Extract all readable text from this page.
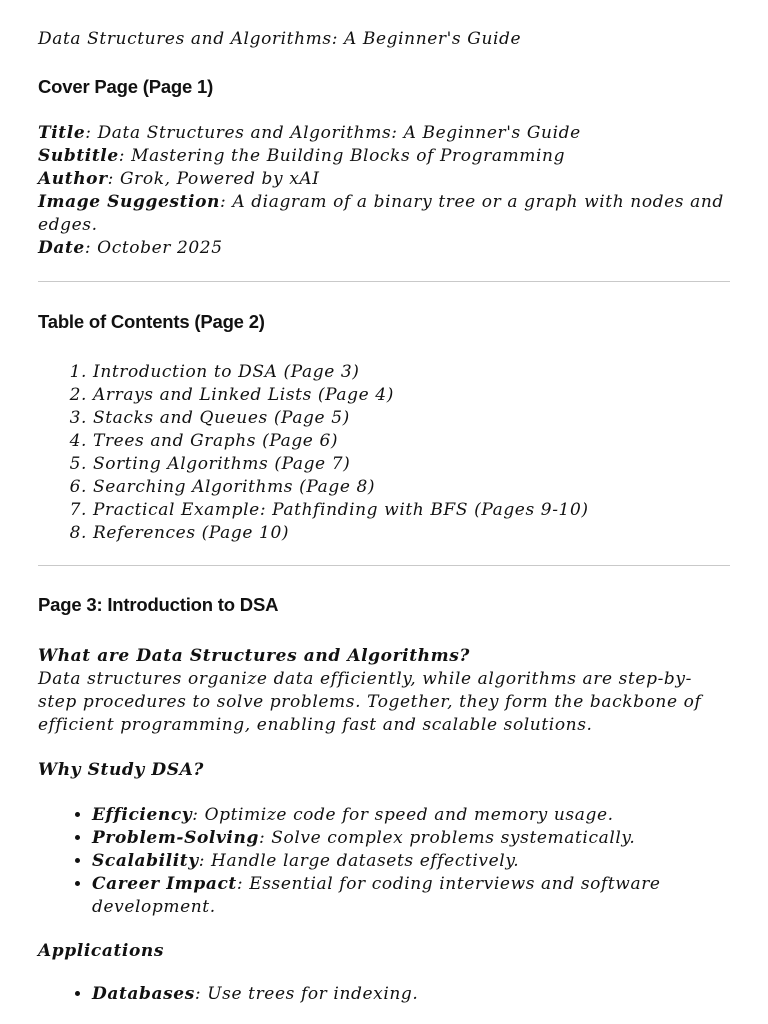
Data Structures and Algorithms: A Beginner's Guide
Cover Page (Page 1)
Title: Data Structures and Algorithms: A Beginner's Guide
Subtitle: Mastering the Building Blocks of Programming
Author: Grok, Powered by xAI
Image Suggestion: A diagram of a binary tree or a graph with nodes and edges.
Date: October 2025
Table of Contents (Page 2)
1. Introduction to DSA (Page 3)
2. Arrays and Linked Lists (Page 4)
3. Stacks and Queues (Page 5)
4. Trees and Graphs (Page 6)
5. Sorting Algorithms (Page 7)
6. Searching Algorithms (Page 8)
7. Practical Example: Pathfinding with BFS (Pages 9-10)
8. References (Page 10)
Page 3: Introduction to DSA
What are Data Structures and Algorithms?
Data structures organize data efficiently, while algorithms are step-by-step procedures to solve problems. Together, they form the backbone of efficient programming, enabling fast and scalable solutions.
Why Study DSA?
• Efficiency: Optimize code for speed and memory usage.
• Problem-Solving: Solve complex problems systematically.
• Scalability: Handle large datasets effectively.
• Career Impact: Essential for coding interviews and software development.
Applications
• Databases: Use trees for indexing.
